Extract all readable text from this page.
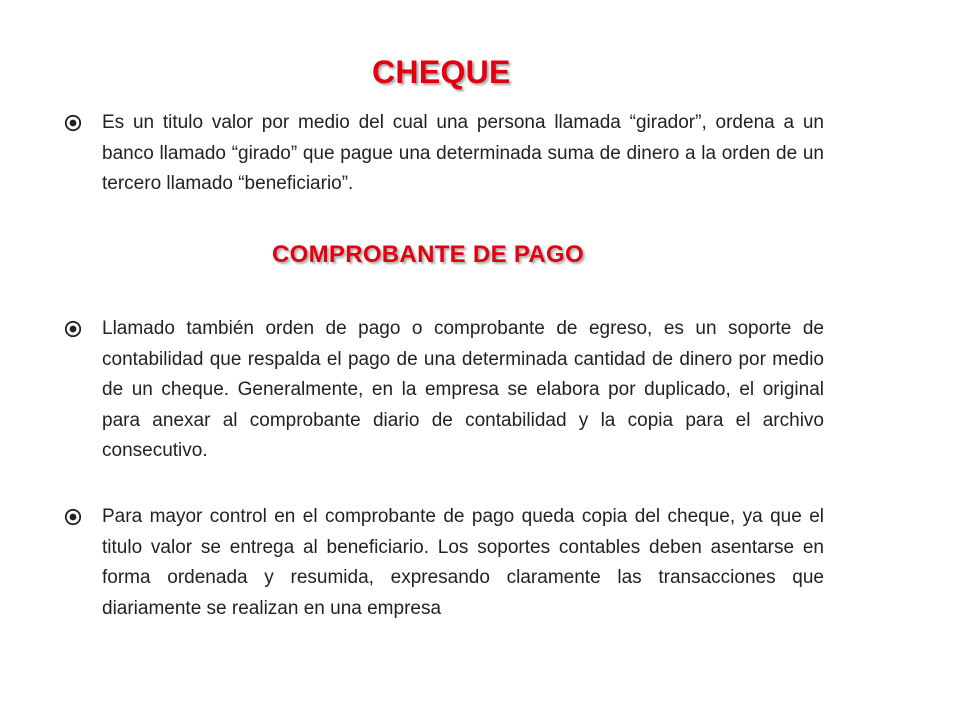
CHEQUE
Es un titulo valor por medio del cual una persona llamada “girador”, ordena a un banco llamado “girado” que pague una determinada suma de dinero a la orden de un tercero llamado “beneficiario”.
COMPROBANTE DE PAGO
Llamado también orden de pago o comprobante de egreso, es un soporte de contabilidad que respalda el pago de una determinada cantidad de dinero por medio de un cheque. Generalmente, en la empresa se elabora por duplicado, el original para anexar al comprobante diario de contabilidad y la copia para el archivo consecutivo.
Para mayor control en el comprobante de pago queda copia del cheque, ya que el titulo valor se entrega al beneficiario. Los soportes contables deben asentarse en forma ordenada y resumida, expresando claramente las transacciones que diariamente se realizan en una empresa
